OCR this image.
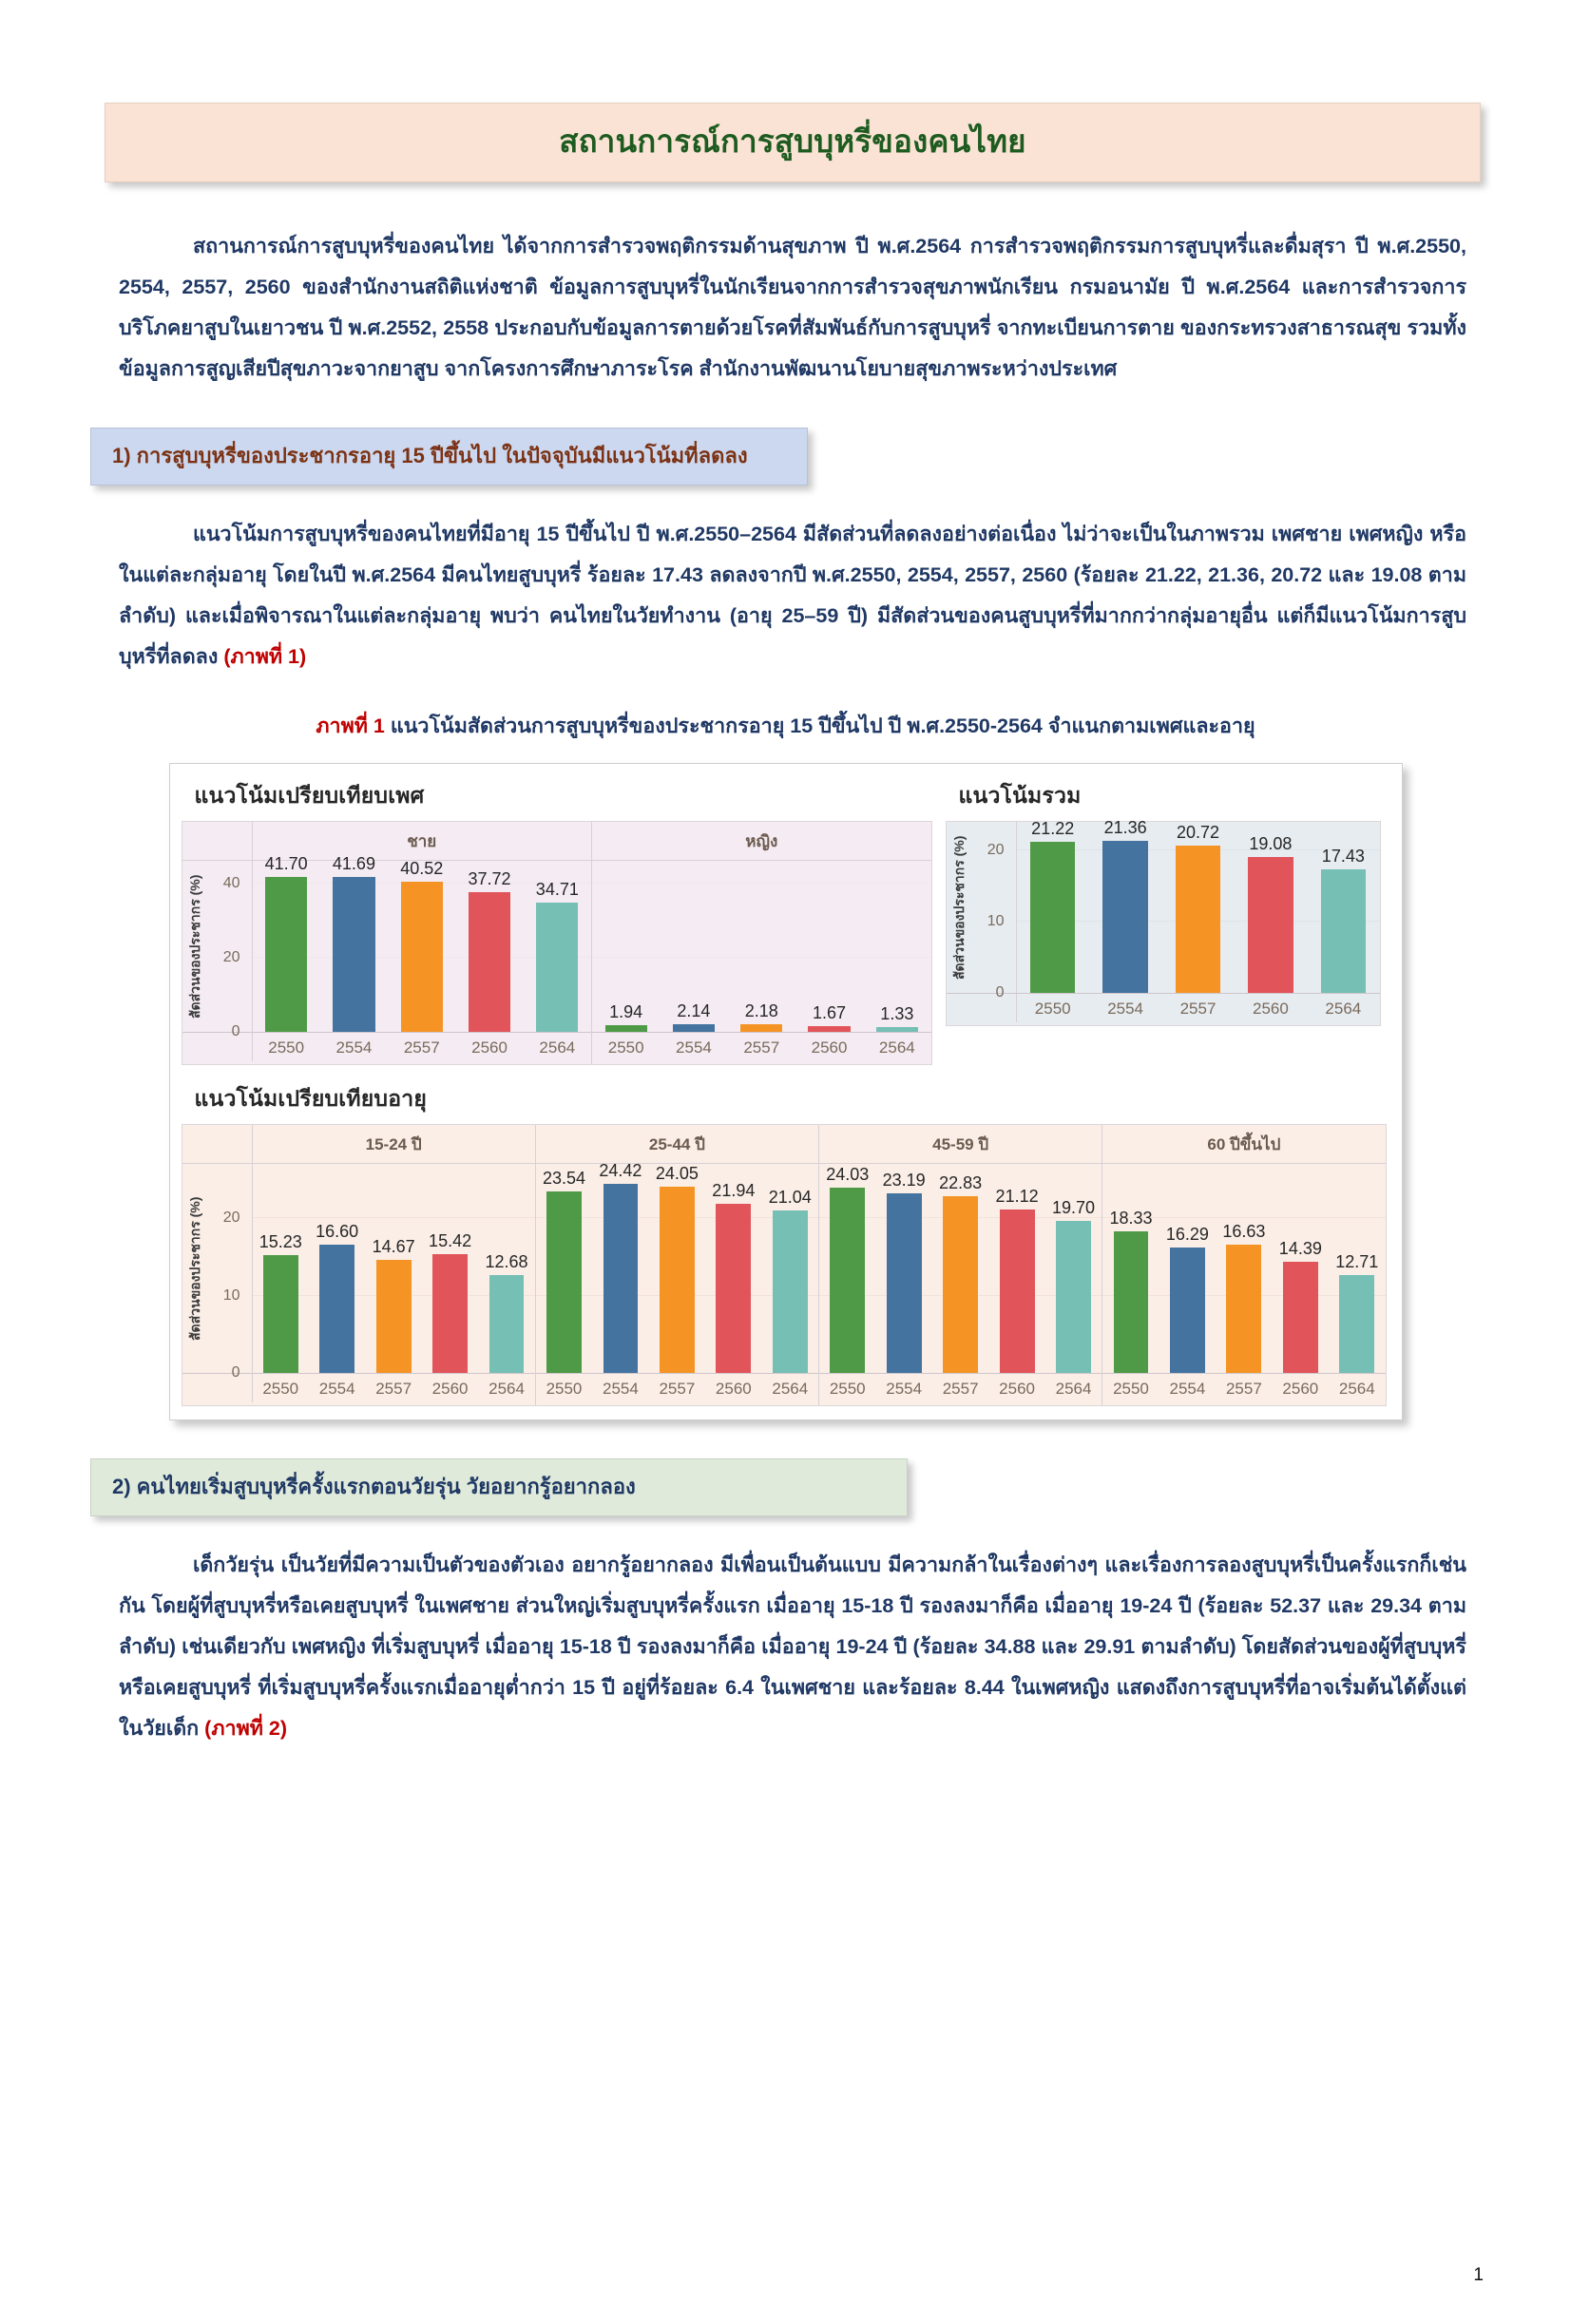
สถานการณ์การสูบบุหรี่ของคนไทย
สถานการณ์การสูบบุหรี่ของคนไทย ได้จากการสำรวจพฤติกรรมด้านสุขภาพ ปี พ.ศ.2564 การสำรวจพฤติกรรมการสูบบุหรี่และดื่มสุรา ปี พ.ศ.2550, 2554, 2557, 2560 ของสำนักงานสถิติแห่งชาติ ข้อมูลการสูบบุหรี่ในนักเรียนจากการสำรวจสุขภาพนักเรียน กรมอนามัย ปี พ.ศ.2564 และการสำรวจการบริโภคยาสูบในเยาวชน ปี พ.ศ.2552, 2558 ประกอบกับข้อมูลการตายด้วยโรคที่สัมพันธ์กับการสูบบุหรี่ จากทะเบียนการตาย ของกระทรวงสาธารณสุข รวมทั้งข้อมูลการสูญเสียปีสุขภาวะจากยาสูบ จากโครงการศึกษาภาระโรค สำนักงานพัฒนานโยบายสุขภาพระหว่างประเทศ
1) การสูบบุหรี่ของประชากรอายุ 15 ปีขึ้นไป ในปัจจุบันมีแนวโน้มที่ลดลง
แนวโน้มการสูบบุหรี่ของคนไทยที่มีอายุ 15 ปีขึ้นไป ปี พ.ศ.2550–2564 มีสัดส่วนที่ลดลงอย่างต่อเนื่อง ไม่ว่าจะเป็นในภาพรวม เพศชาย เพศหญิง หรือในแต่ละกลุ่มอายุ โดยในปี พ.ศ.2564 มีคนไทยสูบบุหรี่ ร้อยละ 17.43 ลดลงจากปี พ.ศ.2550, 2554, 2557, 2560 (ร้อยละ 21.22, 21.36, 20.72 และ 19.08 ตามลำดับ) และเมื่อพิจารณาในแต่ละกลุ่มอายุ พบว่า คนไทยในวัยทำงาน (อายุ 25–59 ปี) มีสัดส่วนของคนสูบบุหรี่ที่มากกว่ากลุ่มอายุอื่น แต่ก็มีแนวโน้มการสูบบุหรี่ที่ลดลง (ภาพที่ 1)
ภาพที่ 1 แนวโน้มสัดส่วนการสูบบุหรี่ของประชากรอายุ 15 ปีขึ้นไป ปี พ.ศ.2550-2564 จำแนกตามเพศและอายุ
แนวโน้มเปรียบเทียบเพศ
ชาย	หญิง
สัดส่วนของประชากร (%)
0
20
40
41.70 41.69 40.52
37.72
34.71
2550	2554	2557	2560	2564
1.94 2.14 2.18 1.67 1.33
2550	2554	2557	2560	2564
แนวโน้มรวม
สัดส่วนของประชากร (%)
0
10
20
21.22 21.36 20.72
19.08
17.43
2550	2554	2557	2560	2564
แนวโน้มเปรียบเทียบอายุ
15-24 ปี	25-44 ปี	45-59 ปี	60 ปีขึ้นไป
สัดส่วนของประชากร (%)
0
10
20
15.23
16.60
14.67 15.42
12.68
2550	2554	2557	2560	2564
23.54 24.42 24.05
21.94 21.04
2550	2554	2557	2560	2564
24.03 23.19 22.83
21.12
19.70
2550	2554	2557	2560	2564
18.33
16.29 16.63
14.39
12.71
2550	2554	2557	2560	2564
2) คนไทยเริ่มสูบบุหรี่ครั้งแรกตอนวัยรุ่น วัยอยากรู้อยากลอง
เด็กวัยรุ่น เป็นวัยที่มีความเป็นตัวของตัวเอง อยากรู้อยากลอง มีเพื่อนเป็นต้นแบบ มีความกล้าในเรื่องต่างๆ และเรื่องการลองสูบบุหรี่เป็นครั้งแรกก็เช่นกัน โดยผู้ที่สูบบุหรี่หรือเคยสูบบุหรี่ ในเพศชาย ส่วนใหญ่เริ่มสูบบุหรี่ครั้งแรก เมื่ออายุ 15-18 ปี รองลงมาก็คือ เมื่ออายุ 19-24 ปี (ร้อยละ 52.37 และ 29.34 ตามลำดับ) เช่นเดียวกับ เพศหญิง ที่เริ่มสูบบุหรี่ เมื่ออายุ 15-18 ปี รองลงมาก็คือ เมื่ออายุ 19-24 ปี (ร้อยละ 34.88 และ 29.91 ตามลำดับ) โดยสัดส่วนของผู้ที่สูบบุหรี่หรือเคยสูบบุหรี่ ที่เริ่มสูบบุหรี่ครั้งแรกเมื่ออายุต่ำกว่า 15 ปี อยู่ที่ร้อยละ 6.4 ในเพศชาย และร้อยละ 8.44 ในเพศหญิง แสดงถึงการสูบบุหรี่ที่อาจเริ่มต้นได้ตั้งแต่ในวัยเด็ก (ภาพที่ 2)
1
